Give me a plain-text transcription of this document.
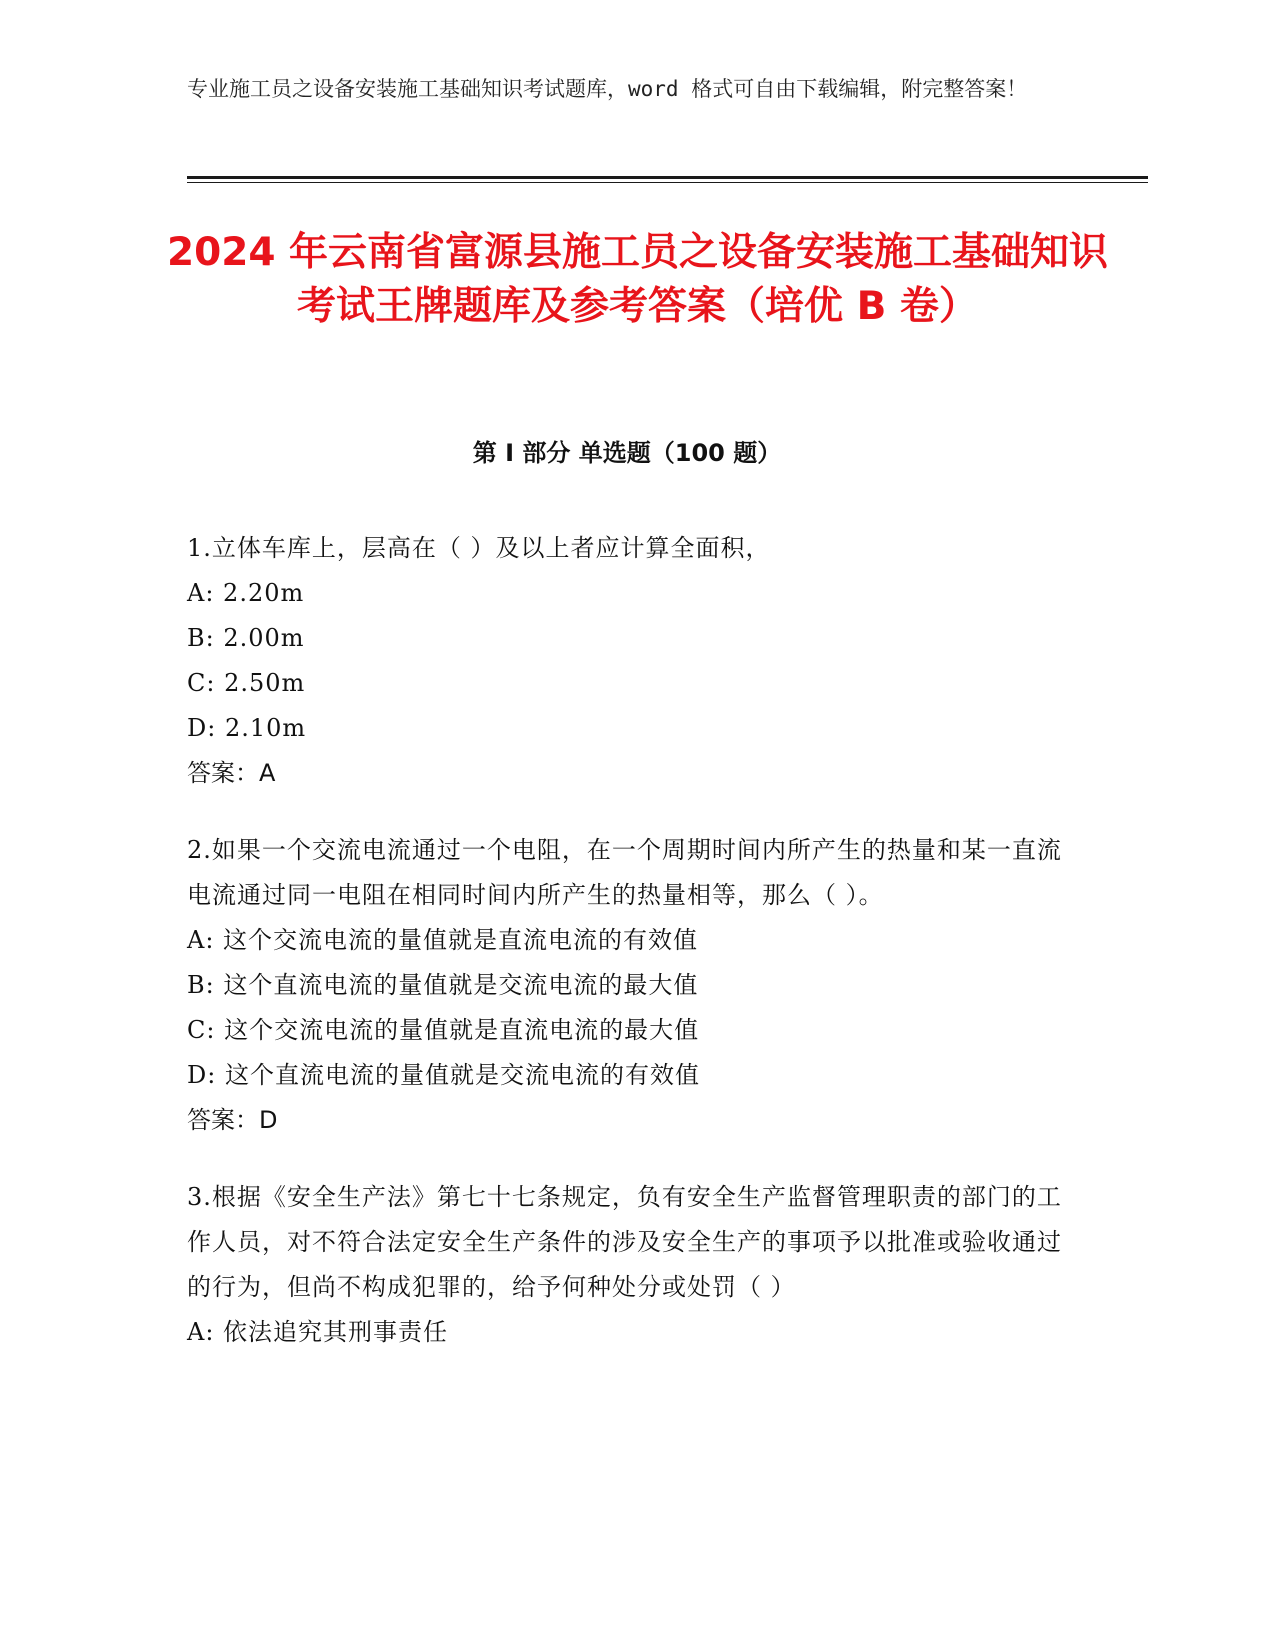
专业施工员之设备安装施工基础知识考试题库，word 格式可自由下载编辑，附完整答案！
2024 年云南省富源县施工员之设备安装施工基础知识考试王牌题库及参考答案（培优 B 卷）
第 I 部分 单选题（100 题）
1.立体车库上，层高在（ ）及以上者应计算全面积，
A: 2.20m
B: 2.00m
C: 2.50m
D: 2.10m
答案：A
2.如果一个交流电流通过一个电阻，在一个周期时间内所产生的热量和某一直流电流通过同一电阻在相同时间内所产生的热量相等，那么（ ）。
A: 这个交流电流的量值就是直流电流的有效值
B: 这个直流电流的量值就是交流电流的最大值
C: 这个交流电流的量值就是直流电流的最大值
D: 这个直流电流的量值就是交流电流的有效值
答案：D
3.根据《安全生产法》第七十七条规定，负有安全生产监督管理职责的部门的工作人员，对不符合法定安全生产条件的涉及安全生产的事项予以批准或验收通过的行为，但尚不构成犯罪的，给予何种处分或处罚（ ）
A: 依法追究其刑事责任
